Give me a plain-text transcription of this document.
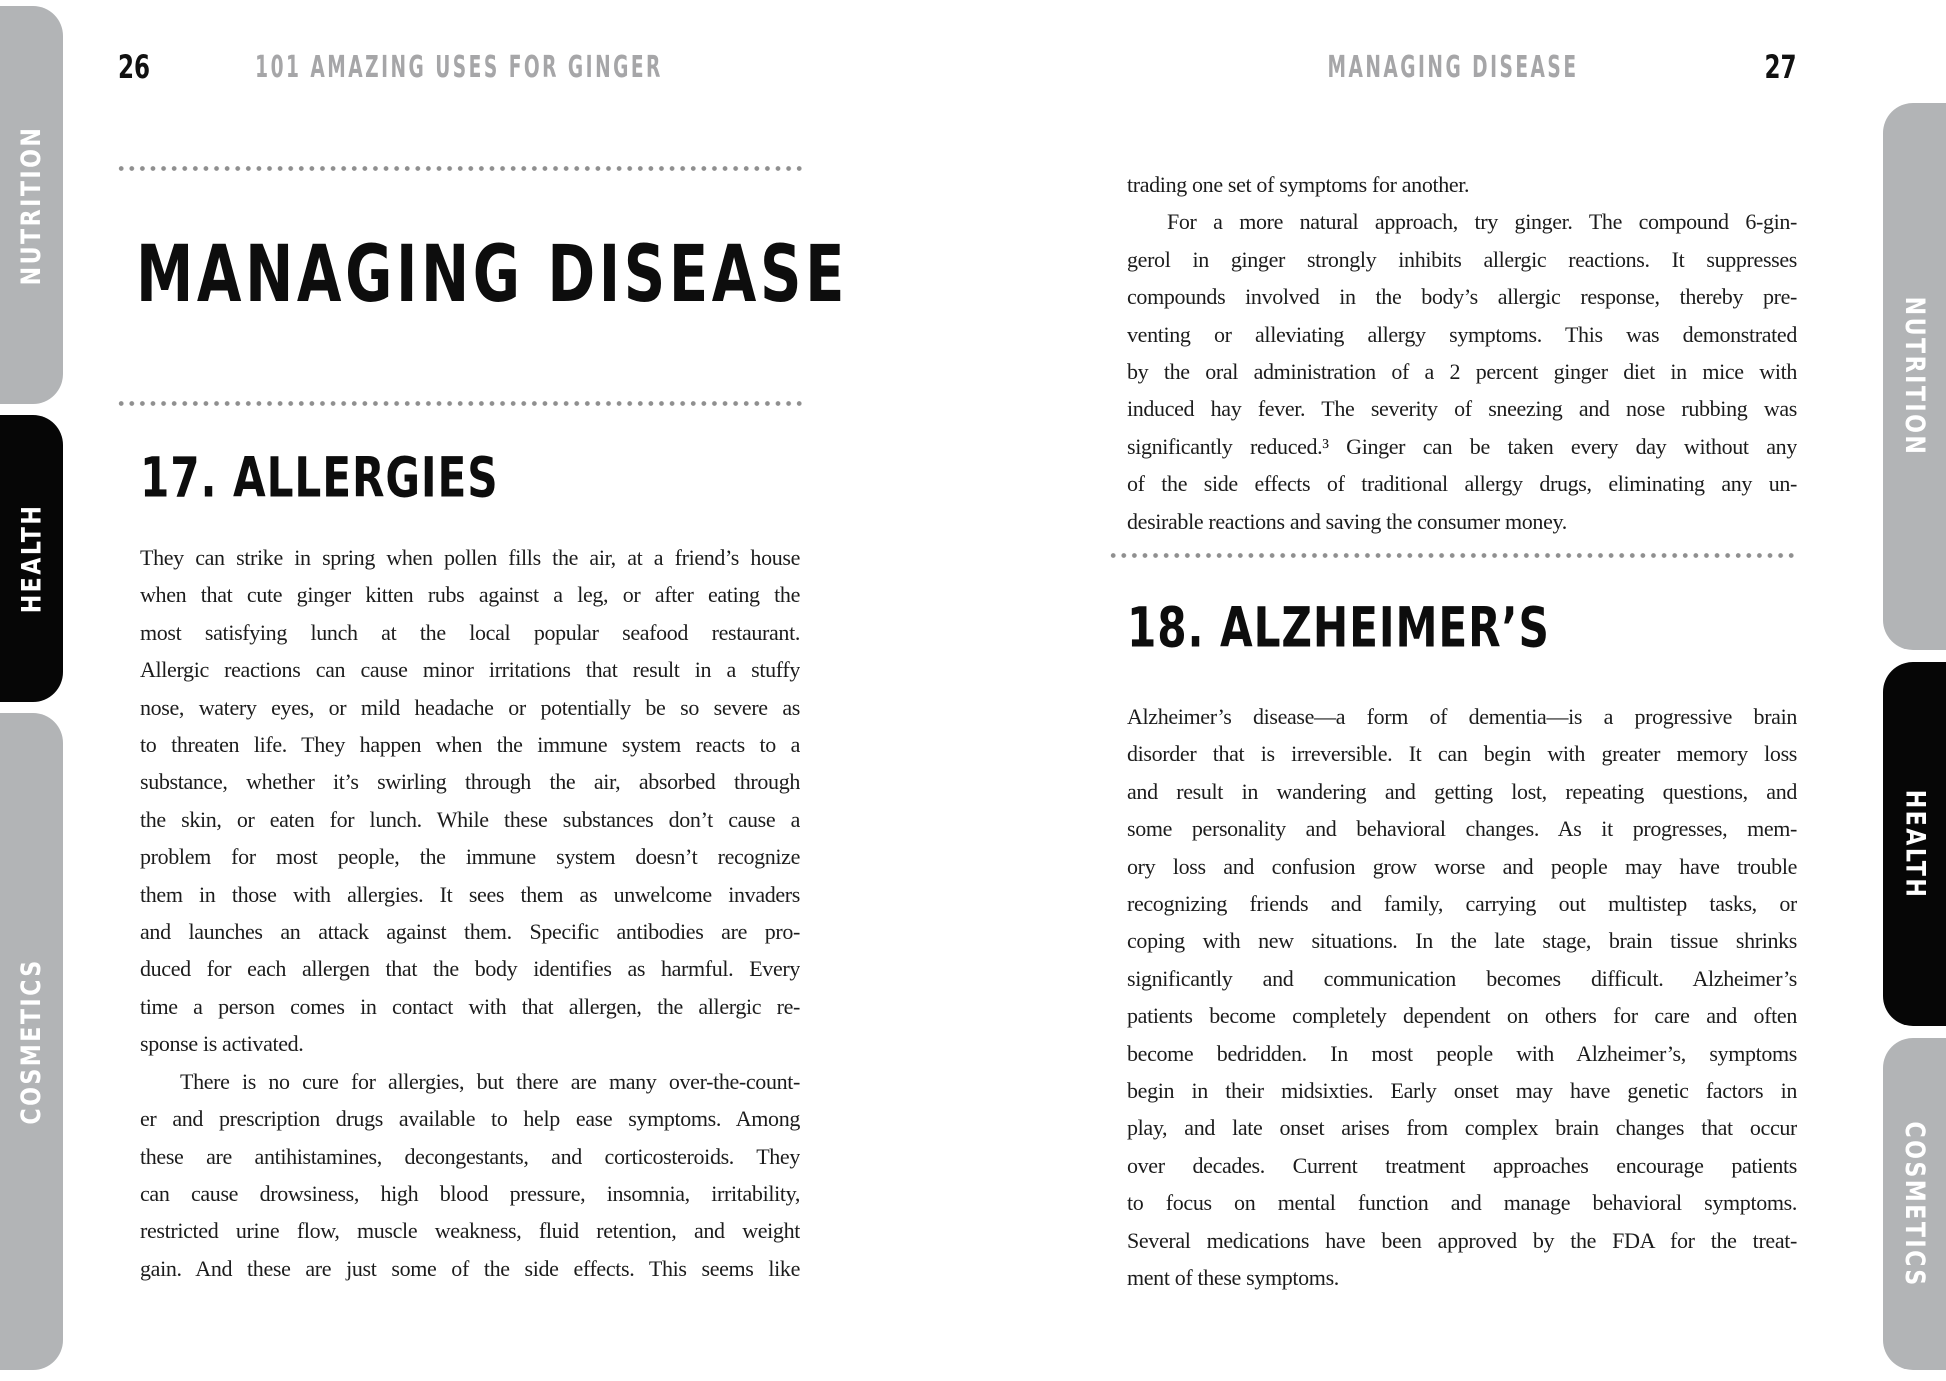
NUTRITION
HEALTH
COSMETICS
NUTRITION
HEALTH
COSMETICS
26	101 AMAZING USES FOR GINGER
MANAGING DISEASE
17. ALLERGIES
They can strike in spring when pollen fills the air, at a friend’s house
when that cute ginger kitten rubs against a leg, or after eating the
most satisfying lunch at the local popular seafood restaurant.
Allergic reactions can cause minor irritations that result in a stuffy
nose, watery eyes, or mild headache or potentially be so severe as
to threaten life. They happen when the immune system reacts to a
substance, whether it’s swirling through the air, absorbed through
the skin, or eaten for lunch. While these substances don’t cause a
problem for most people, the immune system doesn’t recognize
them in those with allergies. It sees them as unwelcome invaders
and launches an attack against them. Specific antibodies are pro-
duced for each allergen that the body identifies as harmful. Every
time a person comes in contact with that allergen, the allergic re-
sponse is activated.
There is no cure for allergies, but there are many over-the-count-
er and prescription drugs available to help ease symptoms. Among
these are antihistamines, decongestants, and corticosteroids. They
can cause drowsiness, high blood pressure, insomnia, irritability,
restricted urine flow, muscle weakness, fluid retention, and weight
gain. And these are just some of the side effects. This seems like
MANAGING DISEASE	27
trading one set of symptoms for another.
For a more natural approach, try ginger. The compound 6-gin-
gerol in ginger strongly inhibits allergic reactions. It suppresses
compounds involved in the body’s allergic response, thereby pre-
venting or alleviating allergy symptoms. This was demonstrated
by the oral administration of a 2 percent ginger diet in mice with
induced hay fever. The severity of sneezing and nose rubbing was
significantly reduced.³ Ginger can be taken every day without any
of the side effects of traditional allergy drugs, eliminating any un-
desirable reactions and saving the consumer money.
18. ALZHEIMER’S
Alzheimer’s disease—a form of dementia—is a progressive brain
disorder that is irreversible. It can begin with greater memory loss
and result in wandering and getting lost, repeating questions, and
some personality and behavioral changes. As it progresses, mem-
ory loss and confusion grow worse and people may have trouble
recognizing friends and family, carrying out multistep tasks, or
coping with new situations. In the late stage, brain tissue shrinks
significantly and communication becomes difficult. Alzheimer’s
patients become completely dependent on others for care and often
become bedridden. In most people with Alzheimer’s, symptoms
begin in their midsixties. Early onset may have genetic factors in
play, and late onset arises from complex brain changes that occur
over decades. Current treatment approaches encourage patients
to focus on mental function and manage behavioral symptoms.
Several medications have been approved by the FDA for the treat-
ment of these symptoms.
